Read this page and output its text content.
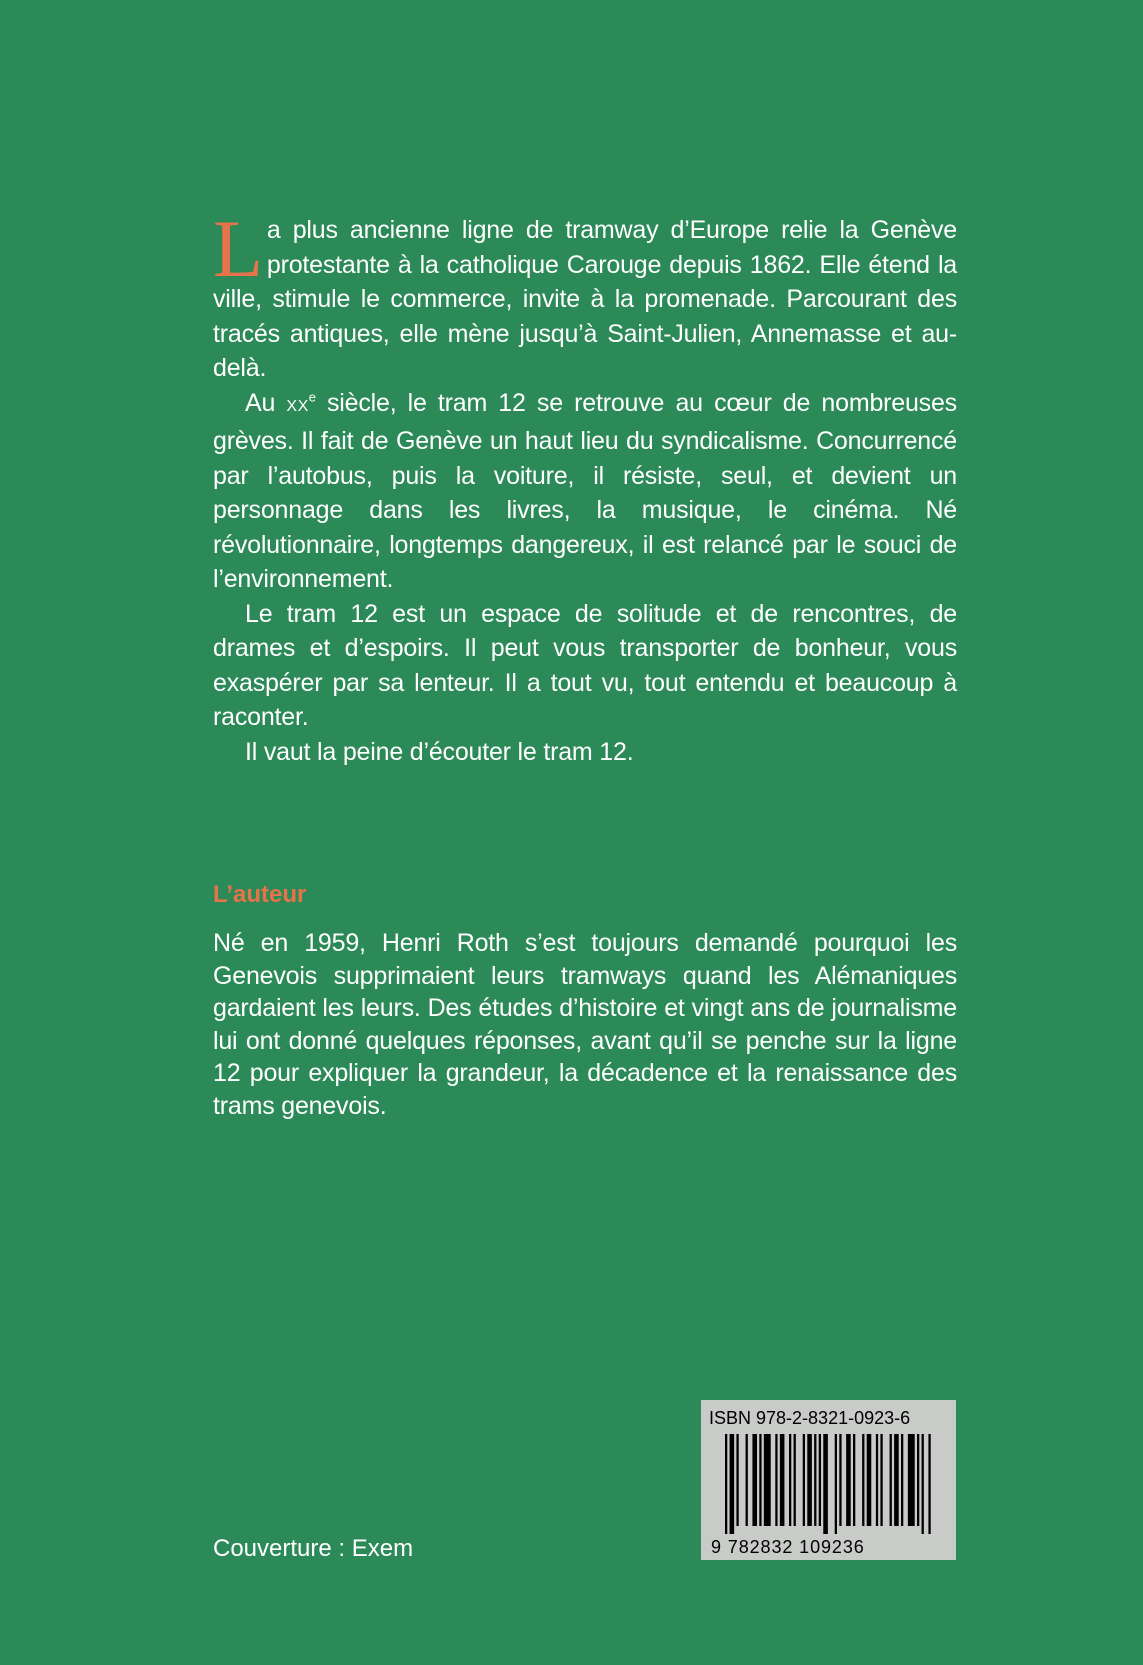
La plus ancienne ligne de tramway d’Europe relie la Genève protestante à la catholique Carouge depuis 1862. Elle étend la ville, stimule le commerce, invite à la promenade. Parcourant des tracés antiques, elle mène jusqu’à Saint-Julien, Annemasse et au-delà.

Au XXe siècle, le tram 12 se retrouve au cœur de nombreuses grèves. Il fait de Genève un haut lieu du syndicalisme. Concurrencé par l’autobus, puis la voiture, il résiste, seul, et devient un personnage dans les livres, la musique, le cinéma. Né révolutionnaire, longtemps dangereux, il est relancé par le souci de l’environnement.

Le tram 12 est un espace de solitude et de rencontres, de drames et d’espoirs. Il peut vous transporter de bonheur, vous exaspérer par sa lenteur. Il a tout vu, tout entendu et beaucoup à raconter.

Il vaut la peine d’écouter le tram 12.

L’auteur

Né en 1959, Henri Roth s’est toujours demandé pourquoi les Genevois supprimaient leurs tramways quand les Alémaniques gardaient les leurs. Des études d’histoire et vingt ans de journalisme lui ont donné quelques réponses, avant qu’il se penche sur la ligne 12 pour expliquer la grandeur, la décadence et la renaissance des trams genevois.

Couverture : Exem

ISBN 978-2-8321-0923-6
9 782832 109236
